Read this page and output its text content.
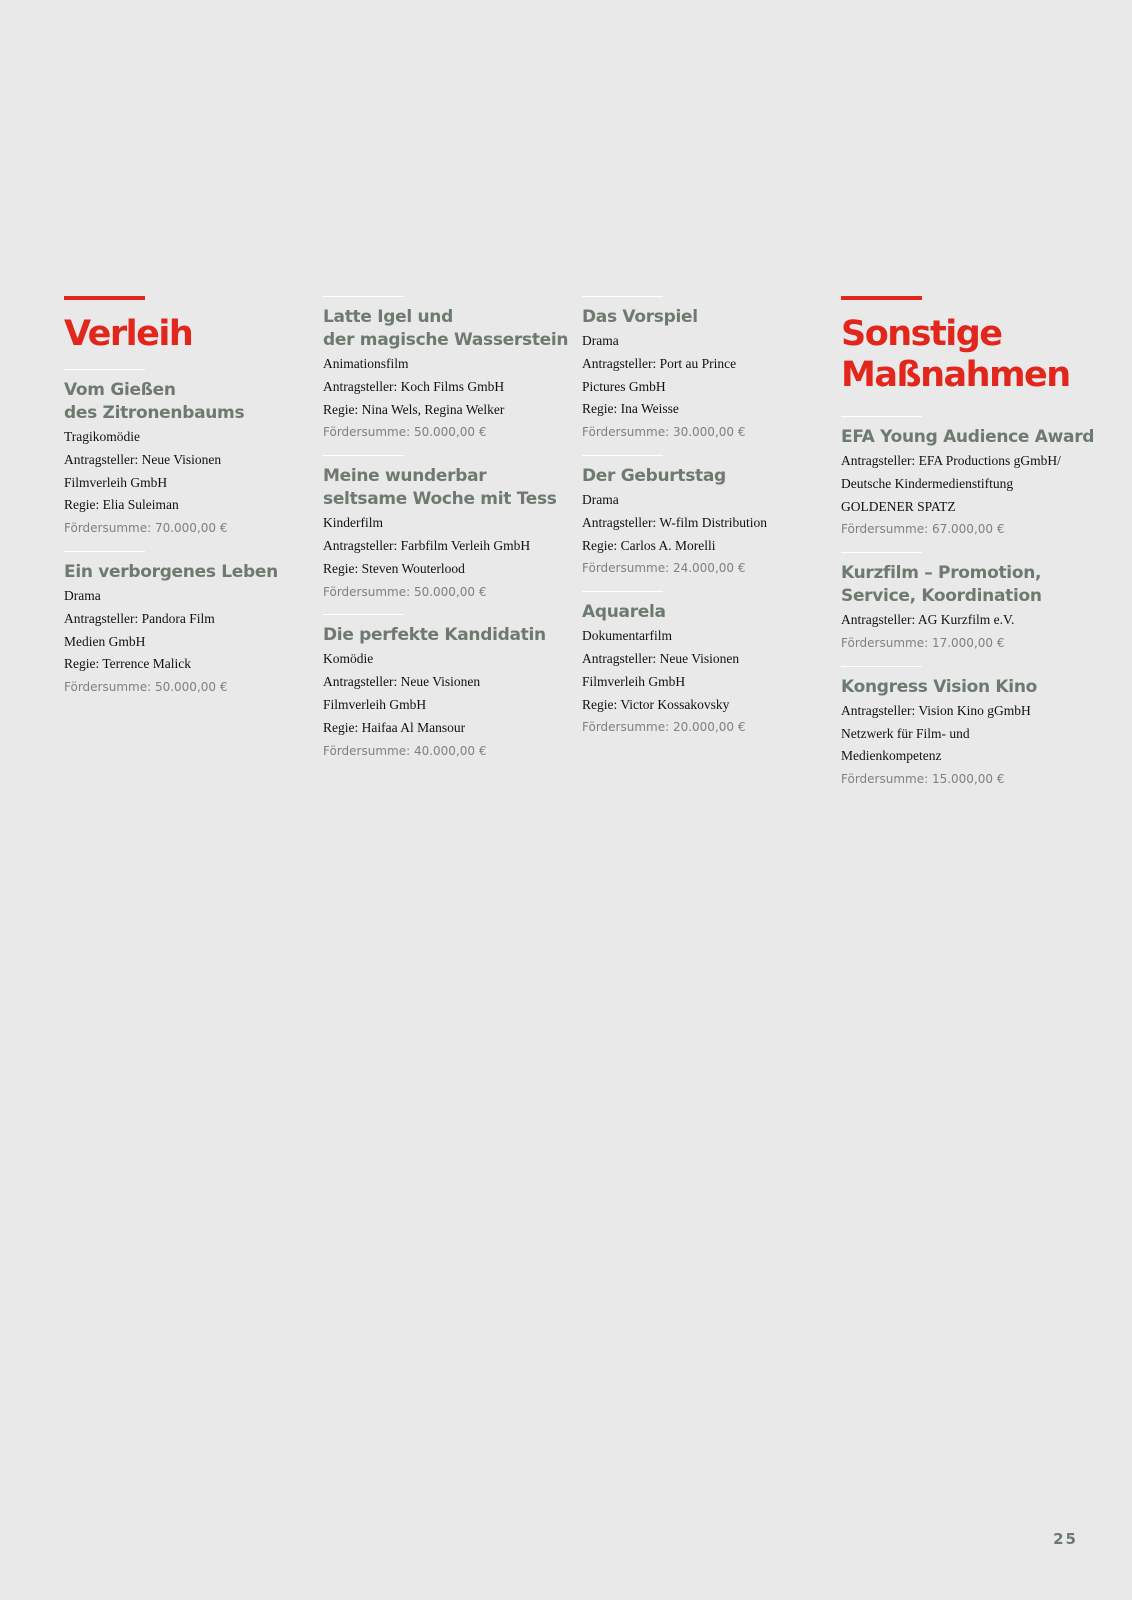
Verleih
Vom Gießen
des Zitronenbaums

Tragikomödie

Antragsteller: Neue Visionen

Filmverleih GmbH

Regie: Elia Suleiman

Fördersumme: 70.000,00 €

Ein verborgenes Leben

Drama

Antragsteller: Pandora Film

Medien GmbH

Regie: Terrence Malick

Fördersumme: 50.000,00 €

Latte Igel und
der magische Wasserstein

Animationsfilm

Antragsteller: Koch Films GmbH

Regie: Nina Wels, Regina Welker

Fördersumme: 50.000,00 €

Meine wunderbar
seltsame Woche mit Tess

Kinderfilm

Antragsteller: Farbfilm Verleih GmbH

Regie: Steven Wouterlood

Fördersumme: 50.000,00 €

Die perfekte Kandidatin

Komödie

Antragsteller: Neue Visionen

Filmverleih GmbH

Regie: Haifaa Al Mansour

Fördersumme: 40.000,00 €

Das Vorspiel

Drama

Antragsteller: Port au Prince

Pictures GmbH

Regie: Ina Weisse

Fördersumme: 30.000,00 €

Der Geburtstag

Drama

Antragsteller: W-film Distribution

Regie: Carlos A. Morelli

Fördersumme: 24.000,00 €

Aquarela

Dokumentarfilm

Antragsteller: Neue Visionen

Filmverleih GmbH

Regie: Victor Kossakovsky

Fördersumme: 20.000,00 €

Sonstige
Maßnahmen
EFA Young Audience Award

Antragsteller: EFA Productions gGmbH/

Deutsche Kindermedienstiftung

GOLDENER SPATZ

Fördersumme: 67.000,00 €

Kurzfilm – Promotion,
Service, Koordination

Antragsteller: AG Kurzfilm e.V.

Fördersumme: 17.000,00 €

Kongress Vision Kino

Antragsteller: Vision Kino gGmbH

Netzwerk für Film- und

Medienkompetenz

Fördersumme: 15.000,00 €

25
